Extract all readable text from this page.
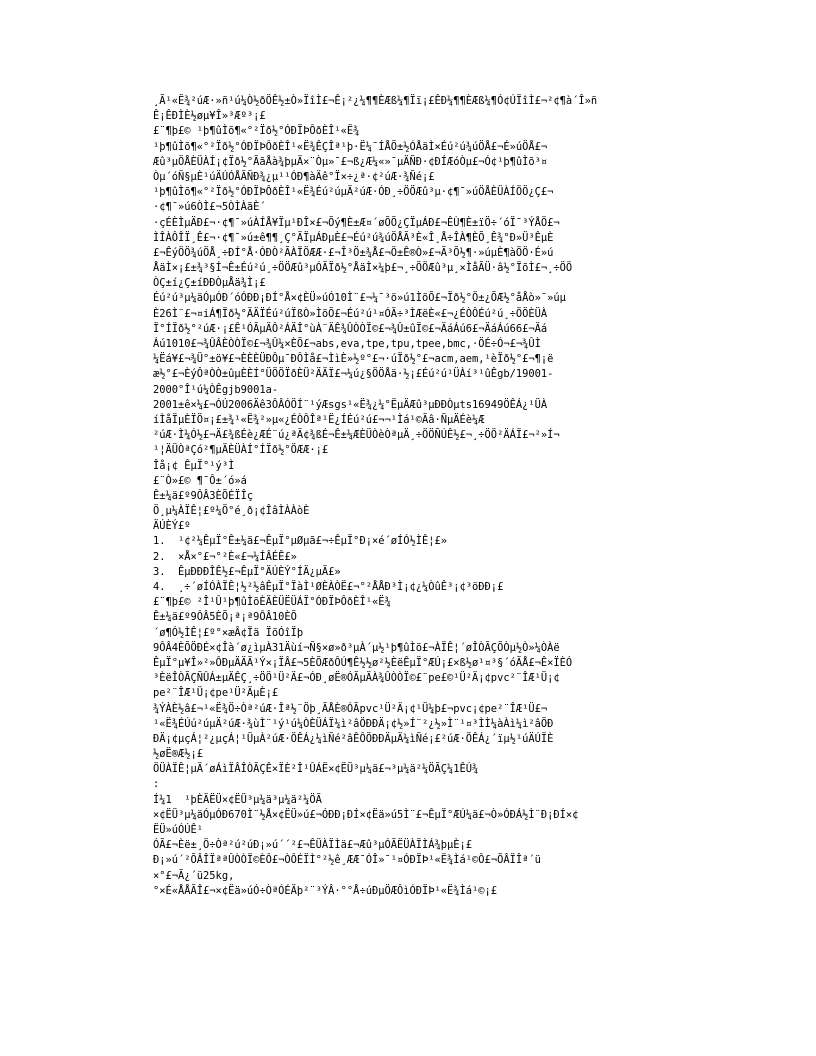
¸Ã¹«Ë¾²úÆ·»ñ¹ú¼Ò½ðÖÊ½±Ò»ÏîÌ£¬Ê¡²¿¼¶¶ÈÆß¼¶Ïï¡£ÊÐ¼¶¶ÈÆß¼¶Ó¢ÚÏîÌ£¬²¢¶à´Î»ñ
Ê¡ÊÐÌÈ½øµ¥Î»³Æº³¡£
£¨¶þ£© ¹þ¶ûÌõ¶«°²Ïð½°ÓÐÏÞÔðÈÎ¹«Ë¾
¹þ¶ûÌõ¶«°²Ïð½°ÓÐÏÞÔðÈÎ¹«Ë¾ÊÇÎª¹þ·Ë¼¯ÍÅÕ±½ÓÅäÌ×Éú²ú¾úÖÅ£¬É»úÖÅ£¬
Æû³µÖÅÈÜÀÍ¡¢Ïð½°ÃãÅà¾þµÄ×¨Òµ»¯£¬ß¿Æ¼«»¯µÄÑÐ·¢ÐÍÆóÒµ£¬Ó¢¹þ¶ûÌõ³¤
Òµ´óÑ§µÈ¹úÄÚÓÅÃÑÐ¾¿µ¹¹ÓÐ¶àÄê°Ï×÷¿ª·¢²úÆ·¾Ñé¡£
¹þ¶ûÌõ¶«°²Ïð½°ÓÐÏÞÔðÈÎ¹«Ë¾Éú²úµÄ²úÆ·ÓÐ¸÷ÖÖÆû³µ·¢¶¯»úÖÅÈÜÀÍÖÖ¿Ç£¬
·¢¶¯»ú6ÒÌ£¬5ÒÌÀãÈ´
·çÉÈÌµÄÐ£¬·¢¶¯»úÀÍÅ¥Ïµ¹ÐÎ×£¬Õý¶È±Æ¤´øÕÕ¿ÇÏµÁÐ£¬ÊÙ¶È±ïÖ÷´óÏ¯³ÝÅÖ£¬
ÌÎÀÔÎÏ¸Ê£¬·¢¶¯»ú±ê¶¶¸Ç°ÃÏµÁÐµÈ£¬Éú²ú¾úÖÅÃ³È«Î¸Å÷ÎÀ¶ÈÕ¸Ê¾°Ð»Ü³ÊµÈ
£¬ÊýÖÖ¾úÖÅ¸÷ÐÍ°Å·ÓÐÒ²ÃÀÏÖÆÆ·£¬Î³Ö±¾Å£¬Ö±Ê®Ò»£¬Ã³Õ½¶·»úµÈ¶àÖÖ·É»ú
ÅäÌ×¡£±¾³§Í¬Ê±Éú²ú¸÷ÖÖÆû³µÓÃÏð½°ÅäÌ×¼þ£¬¸÷ÖÖÆû³µ¸×ÌåÃÜ·â½°ÏõÌ£¬¸÷ÖÖ
ÒÇ±í¿Ç±íÐÐÒµÅä¾Ì¡£
Éú²ú³µ¼äÓµÓÐ´óÓÐÐ¡ÐÍ°Å×¢ÈÜ»úÓ10Ì¨£¬¼¯³ö»ú1ÌõÕ£¬Ïð½°Ö±¿ÕÆ½°åÅò»¯»úµ
È26Ì¨£¬¤iÁ¶Ïð½°ÃÄÏÉú²úÏßÒ»ÌõÕ£¬Éú²ú¹¤ÓÃ÷³ÌÆëÈ«£¬¿ÉÒÔÉú²ú¸÷ÖÖÈÜÀ
Ï°ÍÏð½°²úÆ·¡£Ê¹ÓÃµÄÔ²ÁÄÎ°ùÀ¨ÄÊ¾ÛÒÒÏ©£¬¾Û±ûÏ©£¬ÄáÁú6£¬ÄáÁú66£¬Äá
Áú1010£¬¾ÛÂÈÒÒÏ©£¬¾Û¼×ÈÕ£¬abs,eva,tpe,tpu,tpee,bmc,·ÖÉ÷Ó¬£¬¾ÛÌ
¼Ëá¥£¬¾Ü°±ö¥£¬ÈÈÈÜÐÔµ¯ÐÔÌå£¬ÌìÈ»½º°£¬·úÏð½°£¬acm,aem,¹èÏð½°£¬¶¡ë
æ½°£¬ÈýÔªÒÒ±ûµÈÈÍ°ÜÖÖÏðÈÜ²ÄÄÏ£¬¼ú¿§ÖÖÅä·½¡£Éú²ú¹ÜÀí³¹ûÊgb/19001-
2000°Î¹ú¼ÒÊgjb9001a-
2001±ê×¼£¬ÓÚ2006Äê3ÔÂÓÖÍ¨¹ýÆsgs¹«Ë¾¿¼°ËµÄÆû³µÐÐÒµts16949ÖÊÁ¿¹ÜÀ
íÌåÏµÈÏÖ¤¡£±¾¹«Ë¾²»µ«¿ÉÒÔÎª¹Ë¿ÍÉú²ú£¬¬¹Ìá¹©Ãâ·ÑµÄÉè¼Æ
²úÆ·Ì¼Ó½£¬Ä£¾ßÉè¿ÆÉ¨ú¿ªÃ¢¾ßÉ¬Ê±¼ÆÈÜÒèÒªµÄ¸÷ÖÖÑÚÊ½£¬¸÷ÖÖ²ÄÁÏ£¬²»Í¬
¹¦ÄÜÒªÇó²¶µÄÈÜÀÍ°ÍÏð½°ÖÆÆ·¡£
Îå¡¢ ÊµÏ°¹ý³Ì
£¨Ò»£© ¶¯Ô±´ó»á
Ê±¼ä£º9ÔÂ3ÈÕÉÏÎç
Ö¸µ¼ÀÏÊ¦£º¼Ö°é¸ð¡¢ÎâÌÀÀòÈ
ÄÚÈÝ£º
1.  ¹¢²¼ÊµÏ°Ê±¼ä£¬ÊµÏ°µØµã£¬÷ÊµÏ°Ð¡×é´øÍÓ½ÌÊ¦£»
2.  ×Å×°£¬°²È«£¬¼ÍÂÉÊ£»
3.  ÊµÐÐÐÎÊ½£¬ÊµÏ°ÄÚÈÝ°ÍÄ¿µÄ£»
4.  ¸÷´øÍÓÀÏÊ¦½²½âÊµÏ°ÏàÌ¹ØÈÀÒË£¬°²ÅÅÐ³Ì¡¢¿¼ÒûÊ³¡¢³öÐÐ¡£
£¨¶þ£© ²Î¹Û¹þ¶ûÌõÈÄÈÜËÜÁÏ°ÓÐÏÞÔðÈÎ¹«Ë¾
Ê±¼ä£º9ÔÂ5ÈÕ¡ª¡ª9ÔÂ10ÈÕ
´ø¶Ó½ÌÊ¦£º°×æÂ¢Ïä ÏõÓîÏþ
9ÔÂ4ÈÕÖÐÉ×¢Îà´ø¿ìµÀ31Äùí¬Ñ§×ø»ð³µÀ´µ½¹þ¶ûÌõ£¬ÀÏÊ¦´øÎÒÃÇÕÒµ½Ò»¼ÒÀë
ÊµÏ°µ¥Î»²»ÔÐµÄÄÃ¹Ý×¡ÏÂ£¬5ÈÕÆðÔÚ¶Ê½½ø²½ÈëÊµÏ°ÆÚ¡£×ß½ø¹¤³§´óÃÅ£¬Ê×ÏÈÓ
³ÈëÎÒÃÇÑÛÁ±µÄÊÇ¸÷ÖÖ¹Ü²Ä£¬ÓÐ¸øË®ÓÃµÄÀ¾ÛÒÒÏ©£¨pe£©¹Ü²Ä¡¢pvc²¨ÎÆ¹Ü¡¢
pe²¨ÎÆ¹Ü¡¢pe¹Ü²ÄµÈ¡£
¾ÝÀÈ½â£¬¹«Ë¾Ö÷Òª²úÆ·Îª½¨Öþ¸ÃÅÈ®ÓÃpvc¹Ü²Ä¡¢¹Ü¼þ£¬pvc¡¢pe²¨ÎÆ¹Ü£¬
¹«Ë¾ÉÚú²úµÄ²úÆ·¾ùÌ¨¹ý¹ú¼ÒÈÜÁÏ¼ì²âÖÐÐÄ¡¢½»Í¨²¿½»Ì¨¹¤³ÌÌ¼àÀì¼ì²âÖÐ
ÐÄ¡¢µçÁ¦²¿µçÁ¦¹ÜµÀ²úÆ·ÖÊÁ¿¼ìÑé²âÊÔÖÐÐÄµÄ¼ìÑé¡£²úÆ·ÖÊÁ¿´ïµ½¹úÄÚÏÈ
½øË®Æ½¡£
ÖÜÀÏÊ¦µÄ´øÁìÏÂÎÒÃÇÊ×ÏÈ²Î¹ÛÁË×¢ËÜ³µ¼ä£¬³µ¼ä²¼ÖÃÇ¼1ÊÚ¾
:
Í¼1  ¹þÈÄËÜ×¢ËÜ³µ¼ä³µ¼ä²¼ÖÃ
×¢ËÜ³µ¼äÓµÓÐ670Ì¨½Å×¢ËÜ»ú£¬ÓÐÐ¡ÐÍ×¢Ëä»ú5Ì¨£¬ÊµÏ°ÆÚ¼ä£¬Ò»ÓÐÁ½Ì¨Ð¡ÐÍ×¢
ËÜ»úÓÚÊ¹
ÓÃ£¬Èë±¸Ö÷Òª²ú²úÐ¡»ú´´²£¬ÊÜÀÏÌä£¬Æû³µÓÃËÜÀÏÌÁ¾þµÈ¡£
Ð¡»ú´²ÕÂÎÏªªÛÒÒÏ©ÈÔ£¬ÒÔÉÏÌ°²½ê¸ÆÆ¯ÓÎ»¯¹¤ÓÐÏÞ¹«Ë¾Ìá¹©Ô£¬ÕÂÏÎª´ü
×°£¬Ã¿´ü25kg,
°×É«ÅÅÃÎ£¬×¢Ëä»úÓ÷ÒªÓÉÄþ²¨³ÝÂ·°°Å÷úÐµÖÆÔìÓÐÏÞ¹«Ë¾Ìá¹©¡£
